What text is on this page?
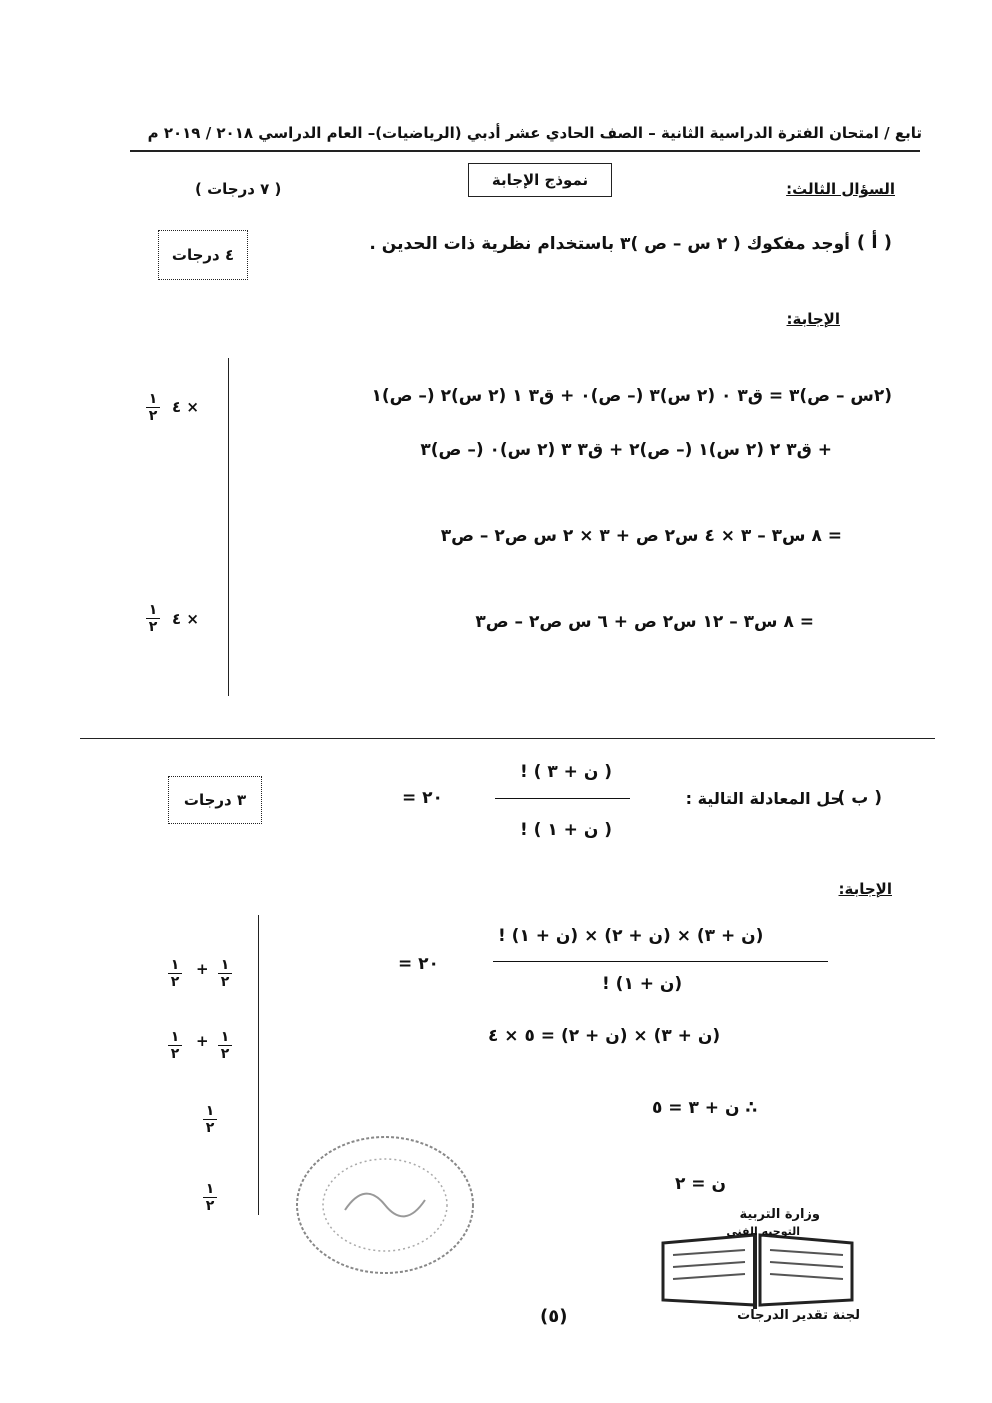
تابع / امتحان الفترة الدراسية الثانية – الصف الحادي عشر أدبي (الرياضيات)– العام الدراسي ٢٠١٨ / ٢٠١٩ م
نموذج الإجابة	السؤال الثالث:
( ٧ درجات )
٤ درجات
( أ )
أوجد مفكوك ( ٢ س – ص )٣ باستخدام نظرية ذات الحدين .
الإجابة:
(٢س – ص)٣ = ق٣ ٠ (٢ س)٣ (– ص)٠ + ق٣ ١ (٢ س)٢ (– ص)١
+ ق٣ ٢ (٢ س)١ (– ص)٢ + ق٣ ٣ (٢ س)٠ (– ص)٣
= ٨ س٣ – ٣ × ٤ س٢ ص + ٣ × ٢ س ص٢ – ص٣
= ٨ س٣ – ١٢ س٢ ص + ٦ س ص٢ – ص٣
٤ ×
١
٢
٤ ×
١
٢
٣ درجات	( ب )
حل المعادلة التالية :
( ن + ٣ ) !
( ن + ١ ) !
= ٢٠
الإجابة:
(ن + ٣) × (ن + ٢) × (ن + ١) !
(ن + ١) !
= ٢٠
(ن + ٣) × (ن + ٢) = ٥ × ٤
∴ ن + ٣ = ٥
ن = ٢
١
٢
+
١
٢
١
٢
+
١
٢
١
٢
١
٢
وزارة التربية
التوجيه الفني
لجنة تقدير الدرجات
(٥)
